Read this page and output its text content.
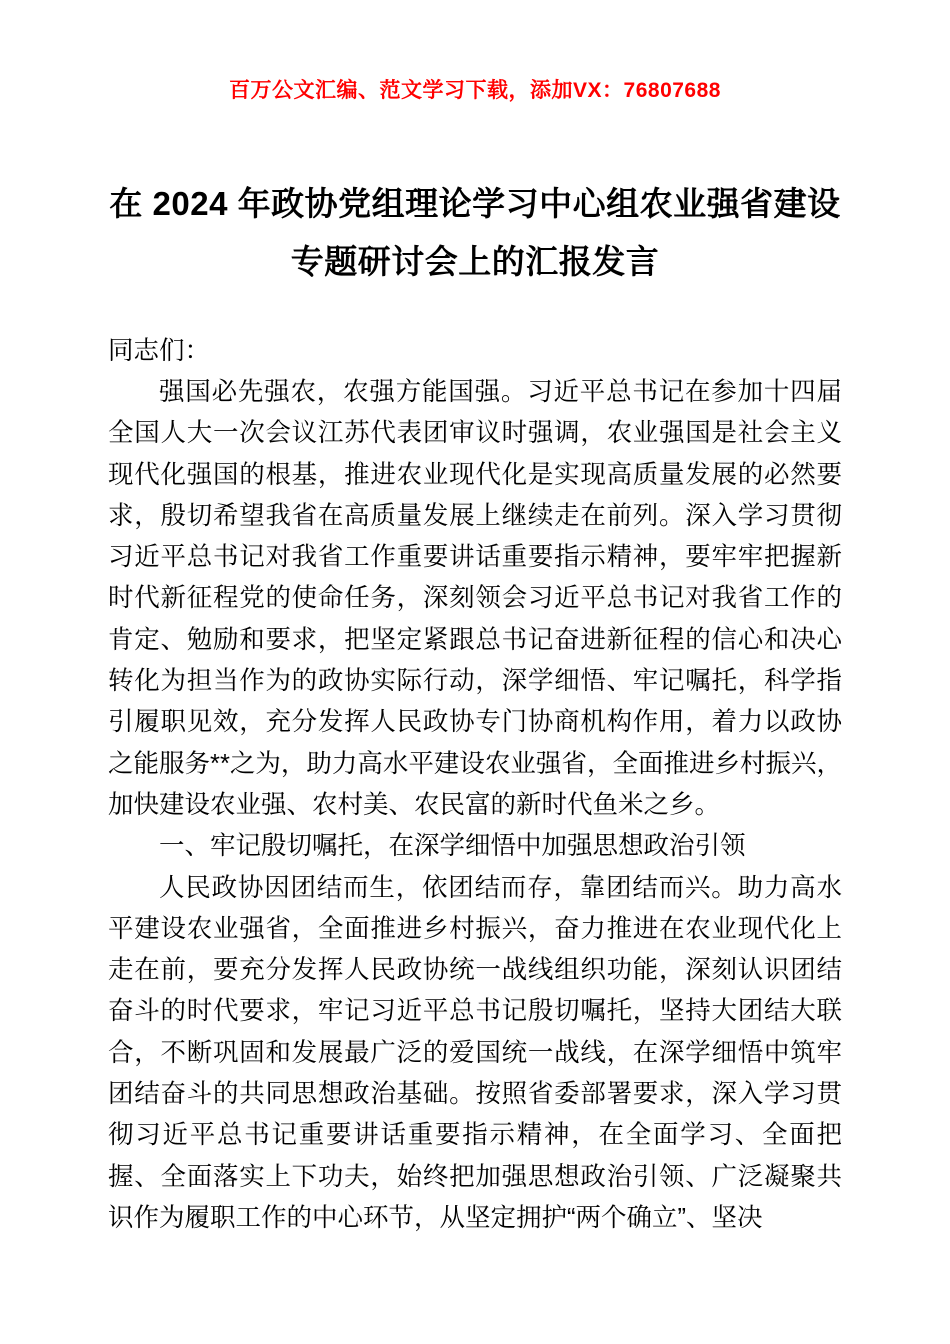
百万公文汇编、范文学习下载，添加VX：76807688
在 2024 年政协党组理论学习中心组农业强省建设专题研讨会上的汇报发言

同志们：

强国必先强农，农强方能国强。习近平总书记在参加十四届全国人大一次会议江苏代表团审议时强调，农业强国是社会主义现代化强国的根基，推进农业现代化是实现高质量发展的必然要求，殷切希望我省在高质量发展上继续走在前列。深入学习贯彻习近平总书记对我省工作重要讲话重要指示精神，要牢牢把握新时代新征程党的使命任务，深刻领会习近平总书记对我省工作的肯定、勉励和要求，把坚定紧跟总书记奋进新征程的信心和决心转化为担当作为的政协实际行动，深学细悟、牢记嘱托，科学指引履职见效，充分发挥人民政协专门协商机构作用，着力以政协之能服务**之为，助力高水平建设农业强省，全面推进乡村振兴，加快建设农业强、农村美、农民富的新时代鱼米之乡。

一、牢记殷切嘱托，在深学细悟中加强思想政治引领

人民政协因团结而生，依团结而存，靠团结而兴。助力高水平建设农业强省，全面推进乡村振兴，奋力推进在农业现代化上走在前，要充分发挥人民政协统一战线组织功能，深刻认识团结奋斗的时代要求，牢记习近平总书记殷切嘱托，坚持大团结大联合，不断巩固和发展最广泛的爱国统一战线，在深学细悟中筑牢团结奋斗的共同思想政治基础。按照省委部署要求，深入学习贯彻习近平总书记重要讲话重要指示精神，在全面学习、全面把握、全面落实上下功夫，始终把加强思想政治引领、广泛凝聚共识作为履职工作的中心环节，从坚定拥护“两个确立”、坚决
